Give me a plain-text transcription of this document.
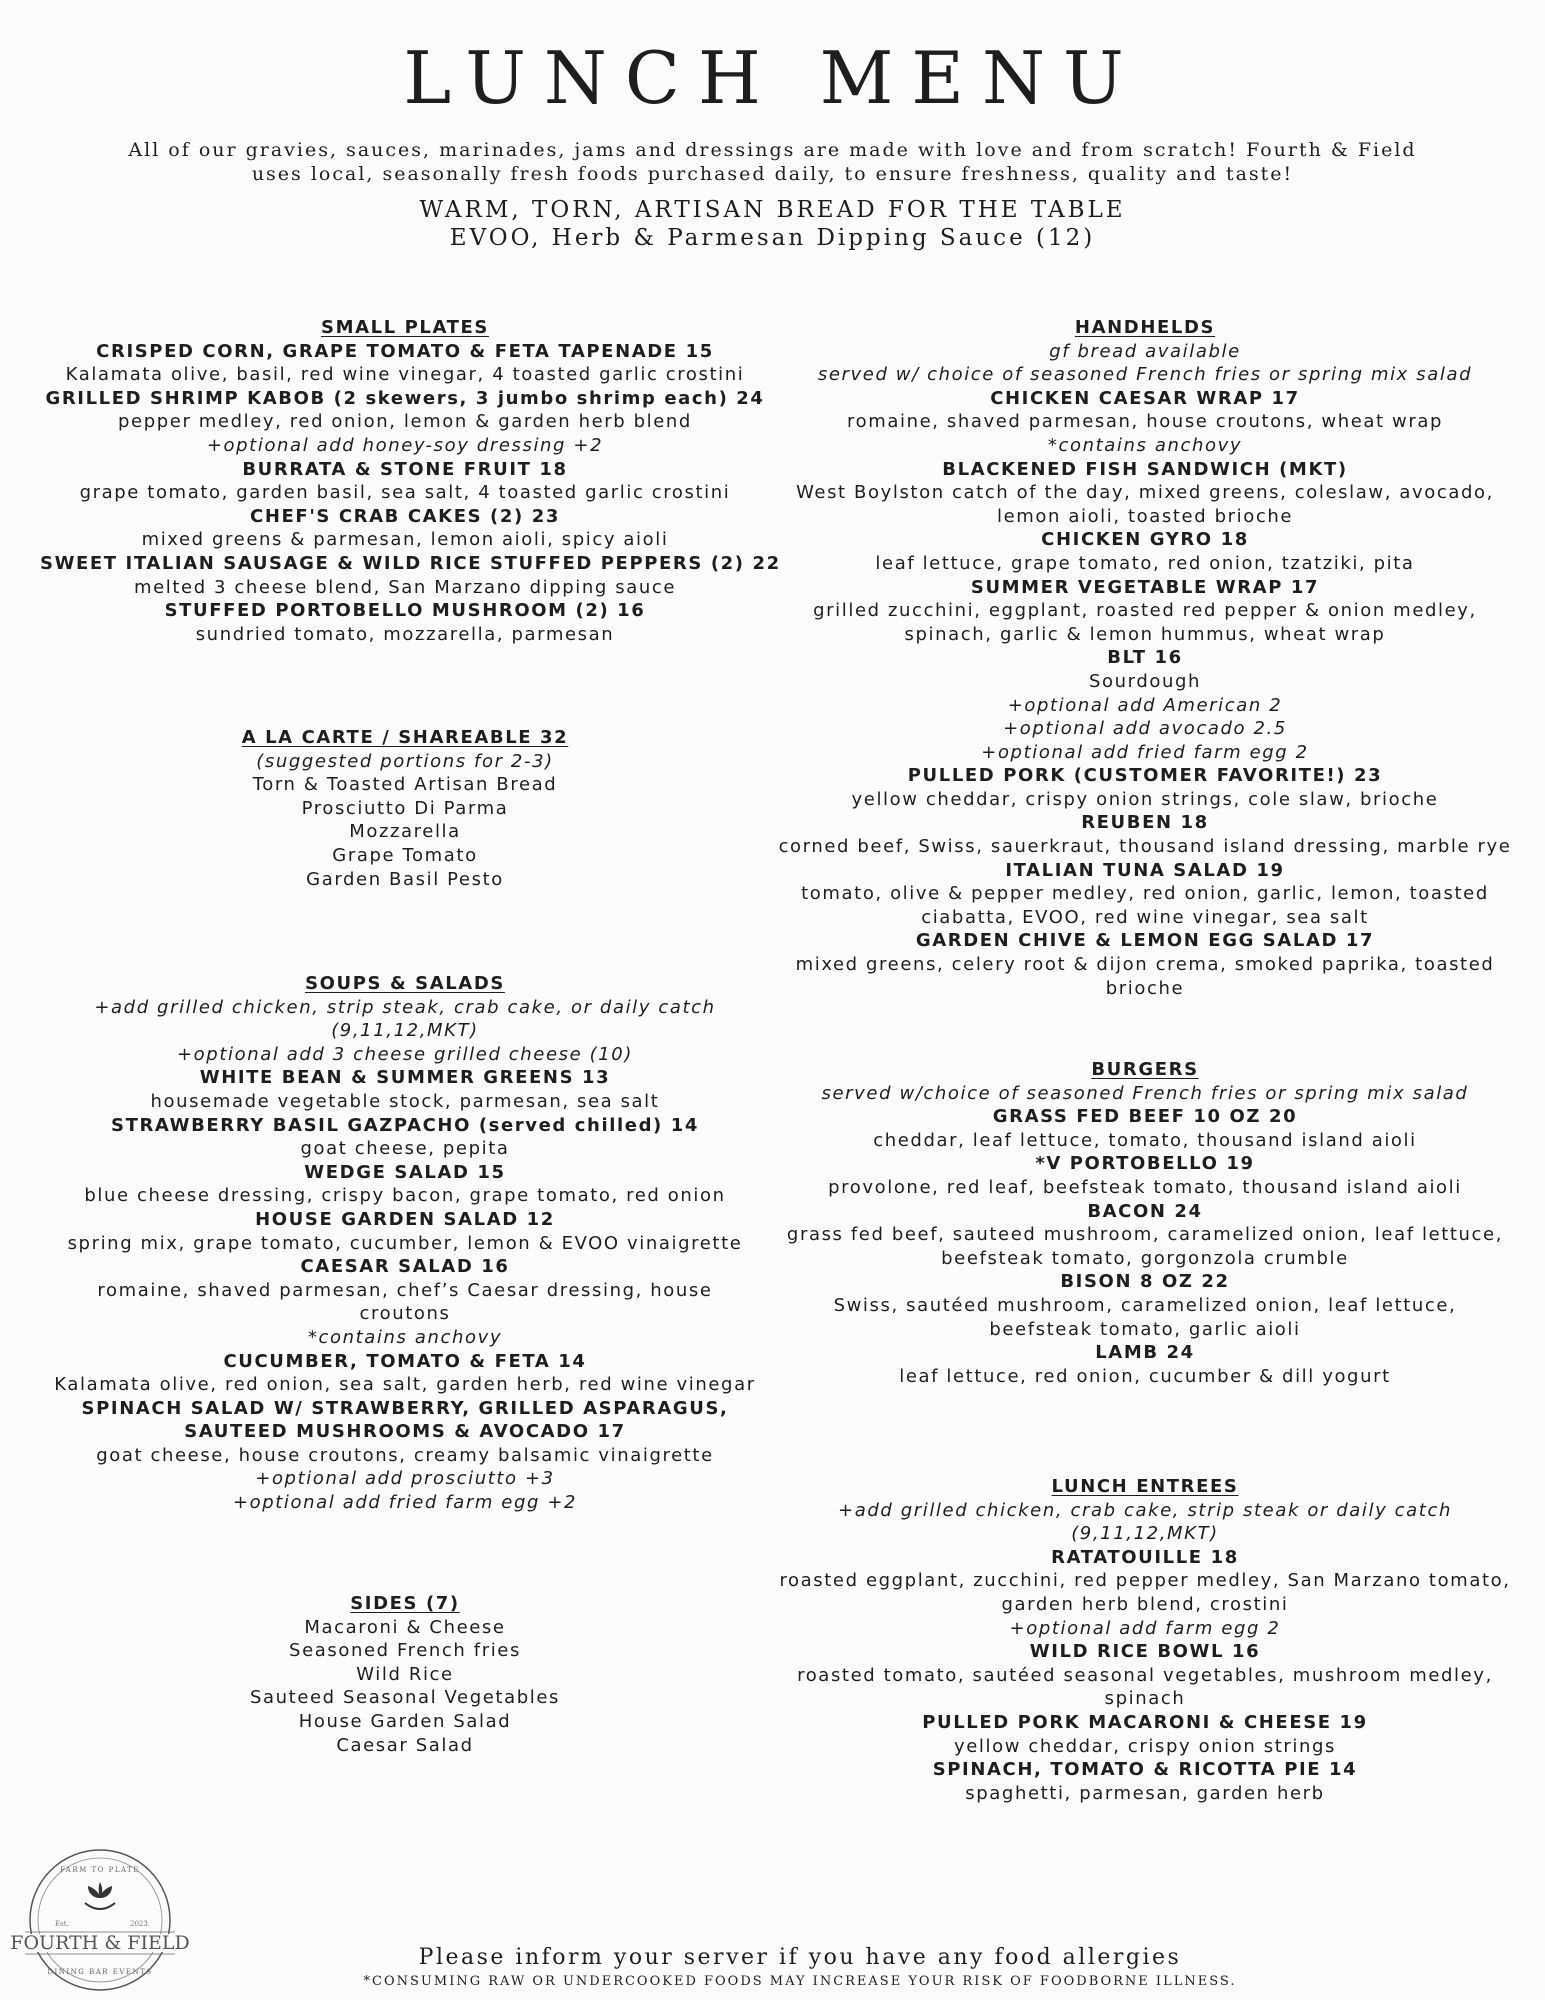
LUNCH MENU
All of our gravies, sauces, marinades, jams and dressings are made with love and from scratch! Fourth & Field uses local, seasonally fresh foods purchased daily, to ensure freshness, quality and taste!
WARM, TORN, ARTISAN BREAD FOR THE TABLE
EVOO, Herb & Parmesan Dipping Sauce (12)
SMALL PLATES
CRISPED CORN, GRAPE TOMATO & FETA TAPENADE 15
Kalamata olive, basil, red wine vinegar, 4 toasted garlic crostini
GRILLED SHRIMP KABOB (2 skewers, 3 jumbo shrimp each) 24
pepper medley, red onion, lemon & garden herb blend
+optional add honey-soy dressing +2
BURRATA & STONE FRUIT 18
grape tomato, garden basil, sea salt, 4 toasted garlic crostini
CHEF'S CRAB CAKES (2) 23
mixed greens & parmesan, lemon aioli, spicy aioli
SWEET ITALIAN SAUSAGE & WILD RICE STUFFED PEPPERS (2) 22
melted 3 cheese blend, San Marzano dipping sauce
STUFFED PORTOBELLO MUSHROOM (2) 16
sundried tomato, mozzarella, parmesan
A LA CARTE / SHAREABLE 32
(suggested portions for 2-3)
Torn & Toasted Artisan Bread
Prosciutto Di Parma
Mozzarella
Grape Tomato
Garden Basil Pesto
SOUPS & SALADS
+add grilled chicken, strip steak, crab cake, or daily catch
(9,11,12,MKT)
+optional add 3 cheese grilled cheese (10)
WHITE BEAN & SUMMER GREENS 13
housemade vegetable stock, parmesan, sea salt
STRAWBERRY BASIL GAZPACHO (served chilled) 14
goat cheese, pepita
WEDGE SALAD 15
blue cheese dressing, crispy bacon, grape tomato, red onion
HOUSE GARDEN SALAD 12
spring mix, grape tomato, cucumber, lemon & EVOO vinaigrette
CAESAR SALAD 16
romaine, shaved parmesan, chef’s Caesar dressing, house
croutons
*contains anchovy
CUCUMBER, TOMATO & FETA 14
Kalamata olive, red onion, sea salt, garden herb, red wine vinegar
SPINACH SALAD W/ STRAWBERRY, GRILLED ASPARAGUS,
SAUTEED MUSHROOMS & AVOCADO 17
goat cheese, house croutons, creamy balsamic vinaigrette
+optional add prosciutto +3
+optional add fried farm egg +2
SIDES (7)
Macaroni & Cheese
Seasoned French fries
Wild Rice
Sauteed Seasonal Vegetables
House Garden Salad
Caesar Salad
HANDHELDS
gf bread available
served w/ choice of seasoned French fries or spring mix salad
CHICKEN CAESAR WRAP 17
romaine, shaved parmesan, house croutons, wheat wrap
*contains anchovy
BLACKENED FISH SANDWICH (MKT)
West Boylston catch of the day, mixed greens, coleslaw, avocado,
lemon aioli, toasted brioche
CHICKEN GYRO 18
leaf lettuce, grape tomato, red onion, tzatziki, pita
SUMMER VEGETABLE WRAP 17
grilled zucchini, eggplant, roasted red pepper & onion medley,
spinach, garlic & lemon hummus, wheat wrap
BLT 16
Sourdough
+optional add American 2
+optional add avocado 2.5
+optional add fried farm egg 2
PULLED PORK (CUSTOMER FAVORITE!) 23
yellow cheddar, crispy onion strings, cole slaw, brioche
REUBEN 18
corned beef, Swiss, sauerkraut, thousand island dressing, marble rye
ITALIAN TUNA SALAD 19
tomato, olive & pepper medley, red onion, garlic, lemon, toasted
ciabatta, EVOO, red wine vinegar, sea salt
GARDEN CHIVE & LEMON EGG SALAD 17
mixed greens, celery root & dijon crema, smoked paprika, toasted
brioche
BURGERS
served w/choice of seasoned French fries or spring mix salad
GRASS FED BEEF 10 OZ 20
cheddar, leaf lettuce, tomato, thousand island aioli
*V PORTOBELLO 19
provolone, red leaf, beefsteak tomato, thousand island aioli
BACON 24
grass fed beef, sauteed mushroom, caramelized onion, leaf lettuce,
beefsteak tomato, gorgonzola crumble
BISON 8 OZ 22
Swiss, sautéed mushroom, caramelized onion, leaf lettuce,
beefsteak tomato, garlic aioli
LAMB 24
leaf lettuce, red onion, cucumber & dill yogurt
LUNCH ENTREES
+add grilled chicken, crab cake, strip steak or daily catch
(9,11,12,MKT)
RATATOUILLE 18
roasted eggplant, zucchini, red pepper medley, San Marzano tomato,
garden herb blend, crostini
+optional add farm egg 2
WILD RICE BOWL 16
roasted tomato, sautéed seasonal vegetables, mushroom medley,
spinach
PULLED PORK MACARONI & CHEESE 19
yellow cheddar, crispy onion strings
SPINACH, TOMATO & RICOTTA PIE 14
spaghetti, parmesan, garden herb
FARM TO PLATE
Est.	2023
FOURTH & FIELD
DINING BAR EVENTS
Please inform your server if you have any food allergies
*CONSUMING RAW OR UNDERCOOKED FOODS MAY INCREASE YOUR RISK OF FOODBORNE ILLNESS.
